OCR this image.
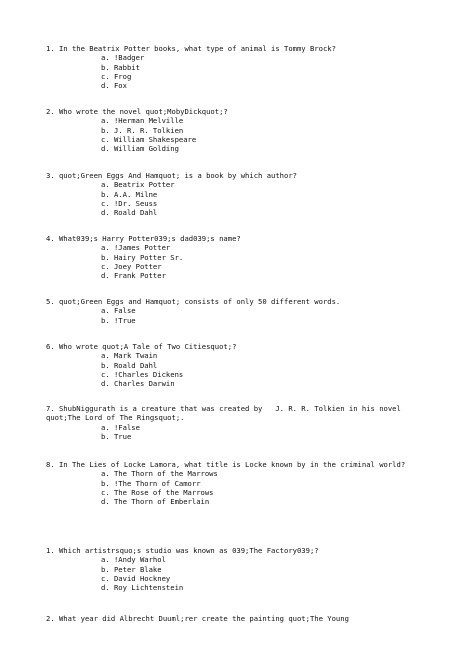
1. In the Beatrix Potter books, what type of animal is Tommy Brock?
a. !Badger
b. Rabbit
c. Frog
d. Fox
2. Who wrote the novel quot;MobyDickquot;?
a. !Herman Melville
b. J. R. R. Tolkien
c. William Shakespeare
d. William Golding
3. quot;Green Eggs And Hamquot; is a book by which author?
a. Beatrix Potter
b. A.A. Milne
c. !Dr. Seuss
d. Roald Dahl
4. What039;s Harry Potter039;s dad039;s name?
a. !James Potter
b. Hairy Potter Sr.
c. Joey Potter
d. Frank Potter
5. quot;Green Eggs and Hamquot; consists of only 50 different words.
a. False
b. !True
6. Who wrote quot;A Tale of Two Citiesquot;?
a. Mark Twain
b. Roald Dahl
c. !Charles Dickens
d. Charles Darwin
7. ShubNiggurath is a creature that was created by   J. R. R. Tolkien in his novel quot;The Lord of The Ringsquot;.
a. !False
b. True
8. In The Lies of Locke Lamora, what title is Locke known by in the criminal world?
a. The Thorn of the Marrows
b. !The Thorn of Camorr
c. The Rose of the Marrows
d. The Thorn of Emberlain
1. Which artistrsquo;s studio was known as 039;The Factory039;?
a. !Andy Warhol
b. Peter Blake
c. David Hockney
d. Roy Lichtenstein
2. What year did Albrecht Duuml;rer create the painting quot;The Young
